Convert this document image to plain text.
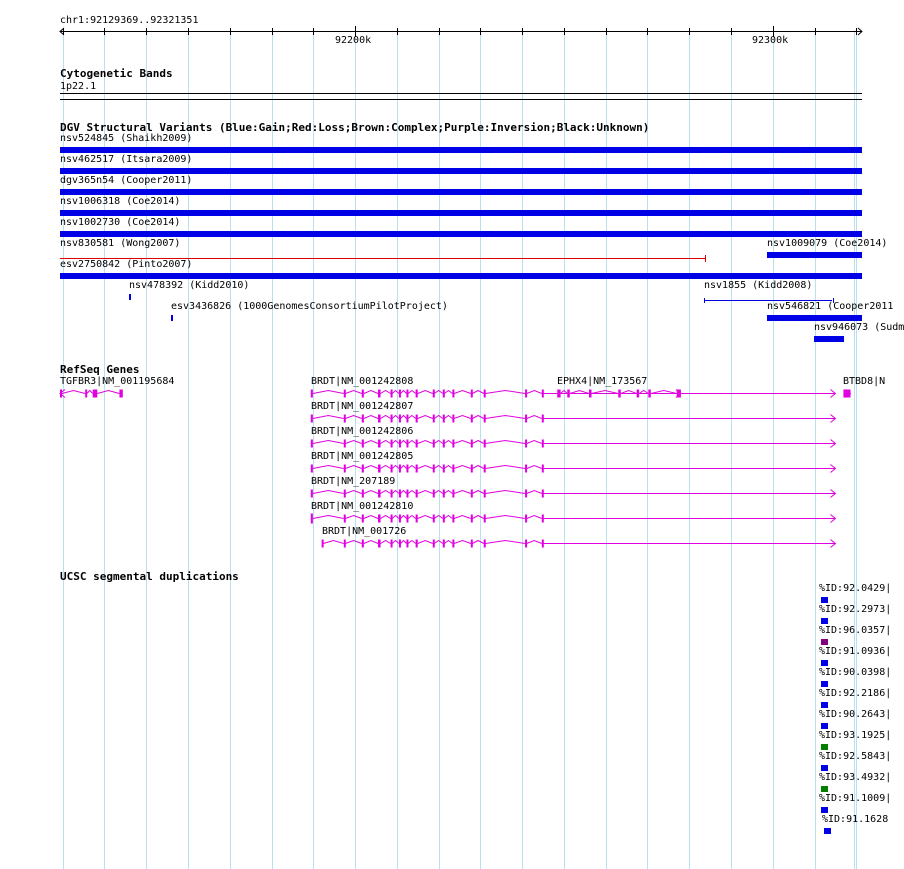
chr1:92129369..92321351
92200k	92300k
Cytogenetic Bands
1p22.1
DGV Structural Variants (Blue:Gain;Red:Loss;Brown:Complex;Purple:Inversion;Black:Unknown)
nsv524845 (Shaikh2009)
nsv462517 (Itsara2009)
dgv365n54 (Cooper2011)
nsv1006318 (Coe2014)
nsv1002730 (Coe2014)
nsv830581 (Wong2007)	nsv1009079 (Coe2014)
esv2750842 (Pinto2007)
nsv478392 (Kidd2010)	nsv1855 (Kidd2008)
esv3436826 (1000GenomesConsortiumPilotProject)	nsv546821 (Cooper2011
nsv946073 (Sudm
RefSeq Genes
TGFBR3|NM_001195684	BRDT|NM_001242808	EPHX4|NM_173567	BTBD8|N
BRDT|NM_001242807
BRDT|NM_001242806
BRDT|NM_001242805
BRDT|NM_207189
BRDT|NM_001242810
BRDT|NM_001726
UCSC segmental duplications
%ID:92.0429|
%ID:92.2973|
%ID:96.0357|
%ID:91.0936|
%ID:90.0398|
%ID:92.2186|
%ID:90.2643|
%ID:93.1925|
%ID:92.5843|
%ID:93.4932|
%ID:91.1009|
%ID:91.1628
